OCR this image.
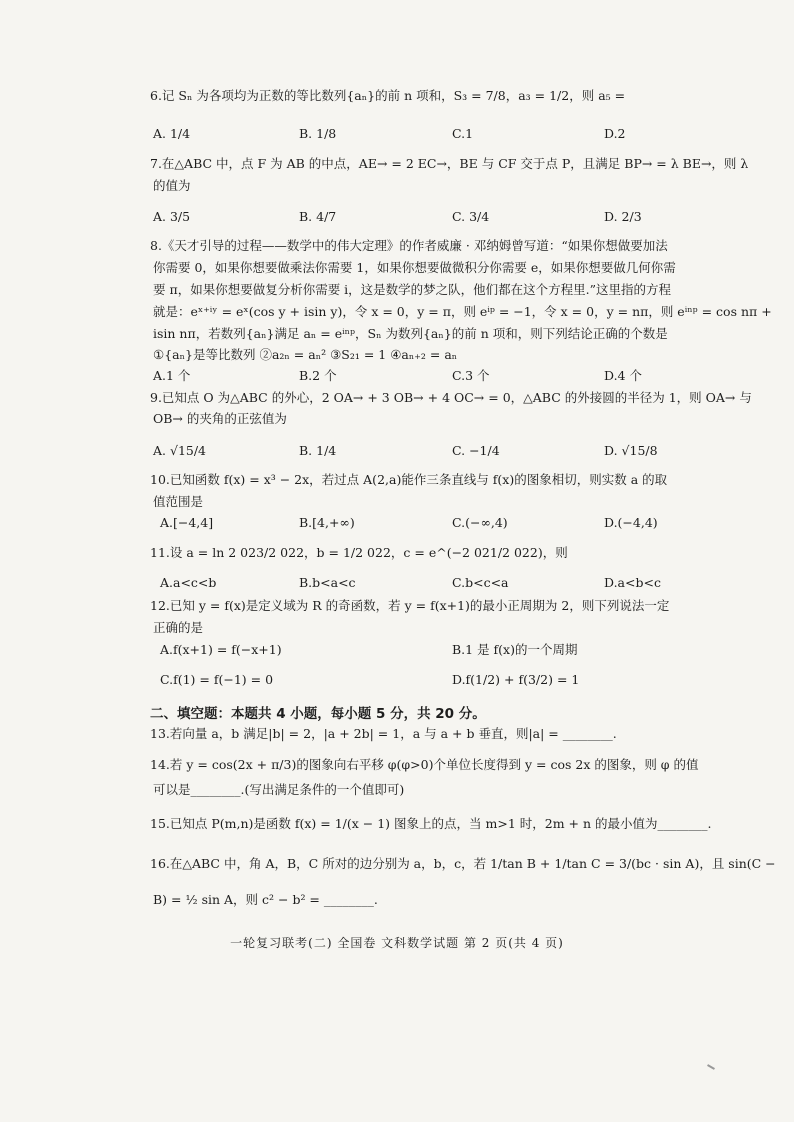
6.记 Sₙ 为各项均为正数的等比数列{aₙ}的前 n 项和，S₃ = 7/8，a₃ = 1/2，则 a₅ =
A. 1/4	B. 1/8	C.1	D.2
7.在△ABC 中，点 F 为 AB 的中点，AE→ = 2 EC→，BE 与 CF 交于点 P，且满足 BP→ = λ BE→，则 λ
的值为
A. 3/5	B. 4/7	C. 3/4	D. 2/3
8.《天才引导的过程——数学中的伟大定理》的作者威廉 · 邓纳姆曾写道：“如果你想做要加法
你需要 0，如果你想要做乘法你需要 1，如果你想要做微积分你需要 e，如果你想要做几何你需
要 π，如果你想要做复分析你需要 i，这是数学的梦之队，他们都在这个方程里.”这里指的方程
就是：eˣ⁺ⁱʸ = eˣ(cos y + isin y)，令 x = 0，y = π，则 eⁱᵖ = −1，令 x = 0，y = nπ，则 eⁱⁿᵖ = cos nπ +
isin nπ，若数列{aₙ}满足 aₙ = eⁱⁿᵖ，Sₙ 为数列{aₙ}的前 n 项和，则下列结论正确的个数是
①{aₙ}是等比数列 ②a₂ₙ = aₙ² ③S₂₁ = 1 ④aₙ₊₂ = aₙ
A.1 个	B.2 个	C.3 个	D.4 个
9.已知点 O 为△ABC 的外心，2 OA→ + 3 OB→ + 4 OC→ = 0，△ABC 的外接圆的半径为 1，则 OA→ 与
OB→ 的夹角的正弦值为
A. √15/4	B. 1/4	C. −1/4	D. √15/8
10.已知函数 f(x) = x³ − 2x，若过点 A(2,a)能作三条直线与 f(x)的图象相切，则实数 a 的取
值范围是
A.[−4,4]	B.[4,+∞)	C.(−∞,4)	D.(−4,4)
11.设 a = ln 2 023/2 022，b = 1/2 022，c = e^(−2 021/2 022)，则
A.a<c<b	B.b<a<c	C.b<c<a	D.a<b<c
12.已知 y = f(x)是定义域为 R 的奇函数，若 y = f(x+1)的最小正周期为 2，则下列说法一定
正确的是
A.f(x+1) = f(−x+1)	B.1 是 f(x)的一个周期
C.f(1) = f(−1) = 0	D.f(1/2) + f(3/2) = 1
二、填空题：本题共 4 小题，每小题 5 分，共 20 分。
13.若向量 a，b 满足|b| = 2，|a + 2b| = 1，a 与 a + b 垂直，则|a| = ________.
14.若 y = cos(2x + π/3)的图象向右平移 φ(φ>0)个单位长度得到 y = cos 2x 的图象，则 φ 的值
可以是________.(写出满足条件的一个值即可)
15.已知点 P(m,n)是函数 f(x) = 1/(x − 1) 图象上的点，当 m>1 时，2m + n 的最小值为________.
16.在△ABC 中，角 A，B，C 所对的边分别为 a，b，c，若 1/tan B + 1/tan C = 3/(bc · sin A)，且 sin(C −
B) = ½ sin A，则 c² − b² = ________.
一轮复习联考(二) 全国卷 文科数学试题 第 2 页(共 4 页)
